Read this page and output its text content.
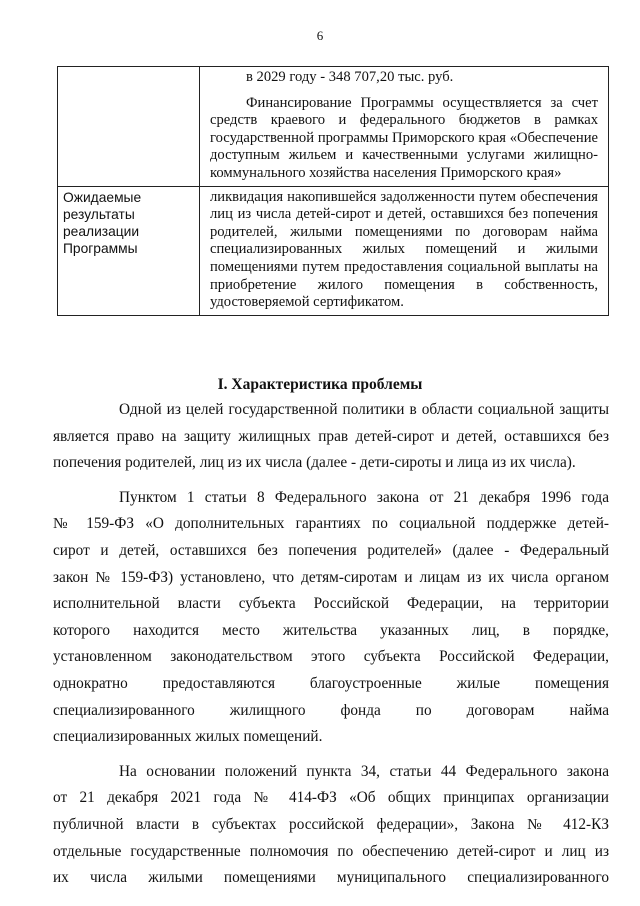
6

	в 2029 году - 348 707,20 тыс. руб.

Финансирование Программы осуществляется за счет средств краевого и федерального бюджетов в рамках государственной программы Приморского края «Обеспечение доступным жильем и качественными услугами жилищно-коммунального хозяйства населения Приморского края»

Ожидаемые результаты реализации Программы	ликвидация накопившейся задолженности путем обеспечения лиц из числа детей-сирот и детей, оставшихся без попечения родителей, жилыми помещениями по договорам найма специализированных жилых помещений и жилыми помещениями путем предоставления социальной выплаты на приобретение жилого помещения в собственность, удостоверяемой сертификатом.

I. Характеристика проблемы
Одной из целей государственной политики в области социальной защиты
является право на защиту жилищных прав детей-сирот и детей, оставшихся без
попечения родителей, лиц из их числа (далее - дети-сироты и лица из их числа).
Пунктом 1 статьи 8 Федерального закона от 21 декабря 1996 года
№ 159-ФЗ «О дополнительных гарантиях по социальной поддержке детей-
сирот и детей, оставшихся без попечения родителей» (далее - Федеральный
закон № 159-ФЗ) установлено, что детям-сиротам и лицам из их числа органом
исполнительной власти субъекта Российской Федерации, на территории
которого находится место жительства указанных лиц, в порядке,
установленном законодательством этого субъекта Российской Федерации,
однократно предоставляются благоустроенные жилые помещения
специализированного жилищного фонда по договорам найма
специализированных жилых помещений.
На основании положений пункта 34, статьи 44 Федерального закона
от 21 декабря 2021 года № 414-ФЗ «Об общих принципах организации
публичной власти в субъектах российской федерации», Закона № 412-КЗ
отдельные государственные полномочия по обеспечению детей-сирот и лиц из
их числа жилыми помещениями муниципального специализированного
